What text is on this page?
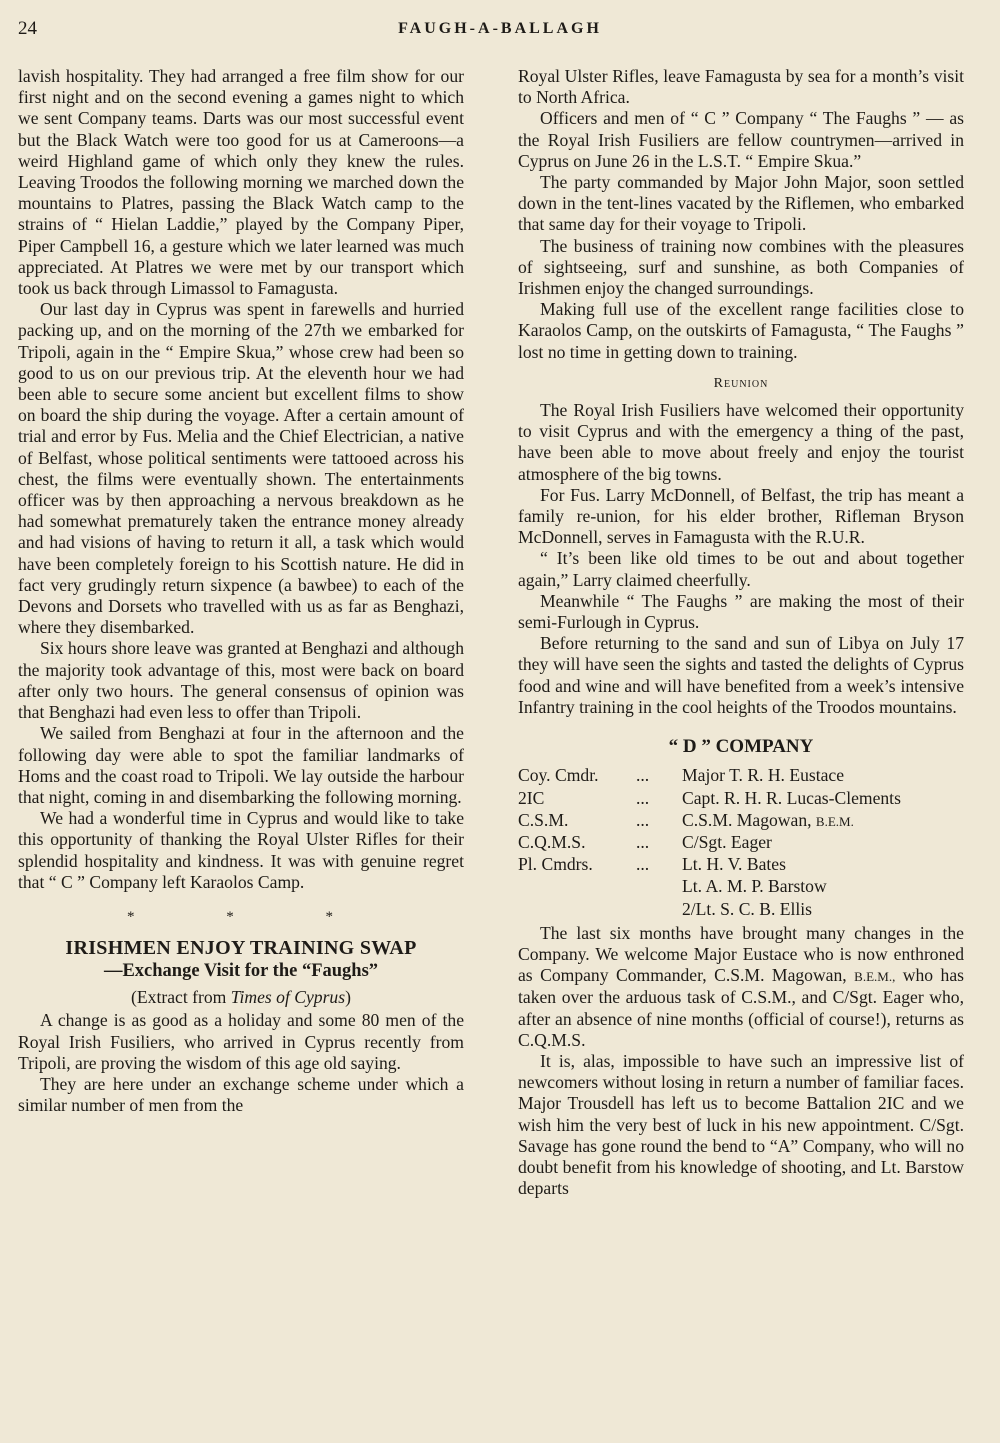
24	FAUGH-A-BALLAGH

lavish hospitality. They had arranged a free film show for our first night and on the second evening a games night to which we sent Company teams. Darts was our most successful event but the Black Watch were too good for us at Cameroons—a weird Highland game of which only they knew the rules. Leaving Troodos the following morning we marched down the mountains to Platres, passing the Black Watch camp to the strains of “ Hielan Laddie,” played by the Company Piper, Piper Campbell 16, a gesture which we later learned was much appreciated. At Platres we were met by our transport which took us back through Limassol to Famagusta.

Our last day in Cyprus was spent in farewells and hurried packing up, and on the morning of the 27th we embarked for Tripoli, again in the “ Empire Skua,” whose crew had been so good to us on our previous trip. At the eleventh hour we had been able to secure some ancient but excellent films to show on board the ship during the voyage. After a certain amount of trial and error by Fus. Melia and the Chief Electrician, a native of Belfast, whose political sentiments were tattooed across his chest, the films were eventually shown. The entertainments officer was by then approaching a nervous breakdown as he had somewhat prematurely taken the entrance money already and had visions of having to return it all, a task which would have been completely foreign to his Scottish nature. He did in fact very grudingly return sixpence (a bawbee) to each of the Devons and Dorsets who travelled with us as far as Benghazi, where they disembarked.

Six hours shore leave was granted at Benghazi and although the majority took advantage of this, most were back on board after only two hours. The general consensus of opinion was that Benghazi had even less to offer than Tripoli.

We sailed from Benghazi at four in the afternoon and the following day were able to spot the familiar landmarks of Homs and the coast road to Tripoli. We lay outside the harbour that night, coming in and disembarking the following morning.

We had a wonderful time in Cyprus and would like to take this opportunity of thanking the Royal Ulster Rifles for their splendid hospitality and kindness. It was with genuine regret that “ C ” Company left Karaolos Camp.

* * *
IRISHMEN ENJOY TRAINING SWAP
—Exchange Visit for the “Faughs”
(Extract from Times of Cyprus)

A change is as good as a holiday and some 80 men of the Royal Irish Fusiliers, who arrived in Cyprus recently from Tripoli, are proving the wisdom of this age old saying.

They are here under an exchange scheme under which a similar number of men from the

Royal Ulster Rifles, leave Famagusta by sea for a month’s visit to North Africa.

Officers and men of “ C ” Company “ The Faughs ” — as the Royal Irish Fusiliers are fellow countrymen—arrived in Cyprus on June 26 in the L.S.T. “ Empire Skua.”

The party commanded by Major John Major, soon settled down in the tent-lines vacated by the Riflemen, who embarked that same day for their voyage to Tripoli.

The business of training now combines with the pleasures of sightseeing, surf and sunshine, as both Companies of Irishmen enjoy the changed surroundings.

Making full use of the excellent range facilities close to Karaolos Camp, on the outskirts of Famagusta, “ The Faughs ” lost no time in getting down to training.

Reunion

The Royal Irish Fusiliers have welcomed their opportunity to visit Cyprus and with the emergency a thing of the past, have been able to move about freely and enjoy the tourist atmosphere of the big towns.

For Fus. Larry McDonnell, of Belfast, the trip has meant a family re-union, for his elder brother, Rifleman Bryson McDonnell, serves in Famagusta with the R.U.R.

“ It’s been like old times to be out and about together again,” Larry claimed cheerfully.

Meanwhile “ The Faughs ” are making the most of their semi-Furlough in Cyprus.

Before returning to the sand and sun of Libya on July 17 they will have seen the sights and tasted the delights of Cyprus food and wine and will have benefited from a week’s intensive Infantry training in the cool heights of the Troodos mountains.

“ D ” COMPANY
Coy. Cmdr.	...	Major T. R. H. Eustace
2IC	...	Capt. R. H. R. Lucas-Clements
C.S.M.	...	C.S.M. Magowan, B.E.M.
C.Q.M.S.	...	C/Sgt. Eager
Pl. Cmdrs.	...	Lt. H. V. Bates
		Lt. A. M. P. Barstow
		2/Lt. S. C. B. Ellis

The last six months have brought many changes in the Company. We welcome Major Eustace who is now enthroned as Company Commander, C.S.M. Magowan, B.E.M., who has taken over the arduous task of C.S.M., and C/Sgt. Eager who, after an absence of nine months (official of course!), returns as C.Q.M.S.

It is, alas, impossible to have such an impressive list of newcomers without losing in return a number of familiar faces. Major Trousdell has left us to become Battalion 2IC and we wish him the very best of luck in his new appointment. C/Sgt. Savage has gone round the bend to “A” Company, who will no doubt benefit from his knowledge of shooting, and Lt. Barstow departs
